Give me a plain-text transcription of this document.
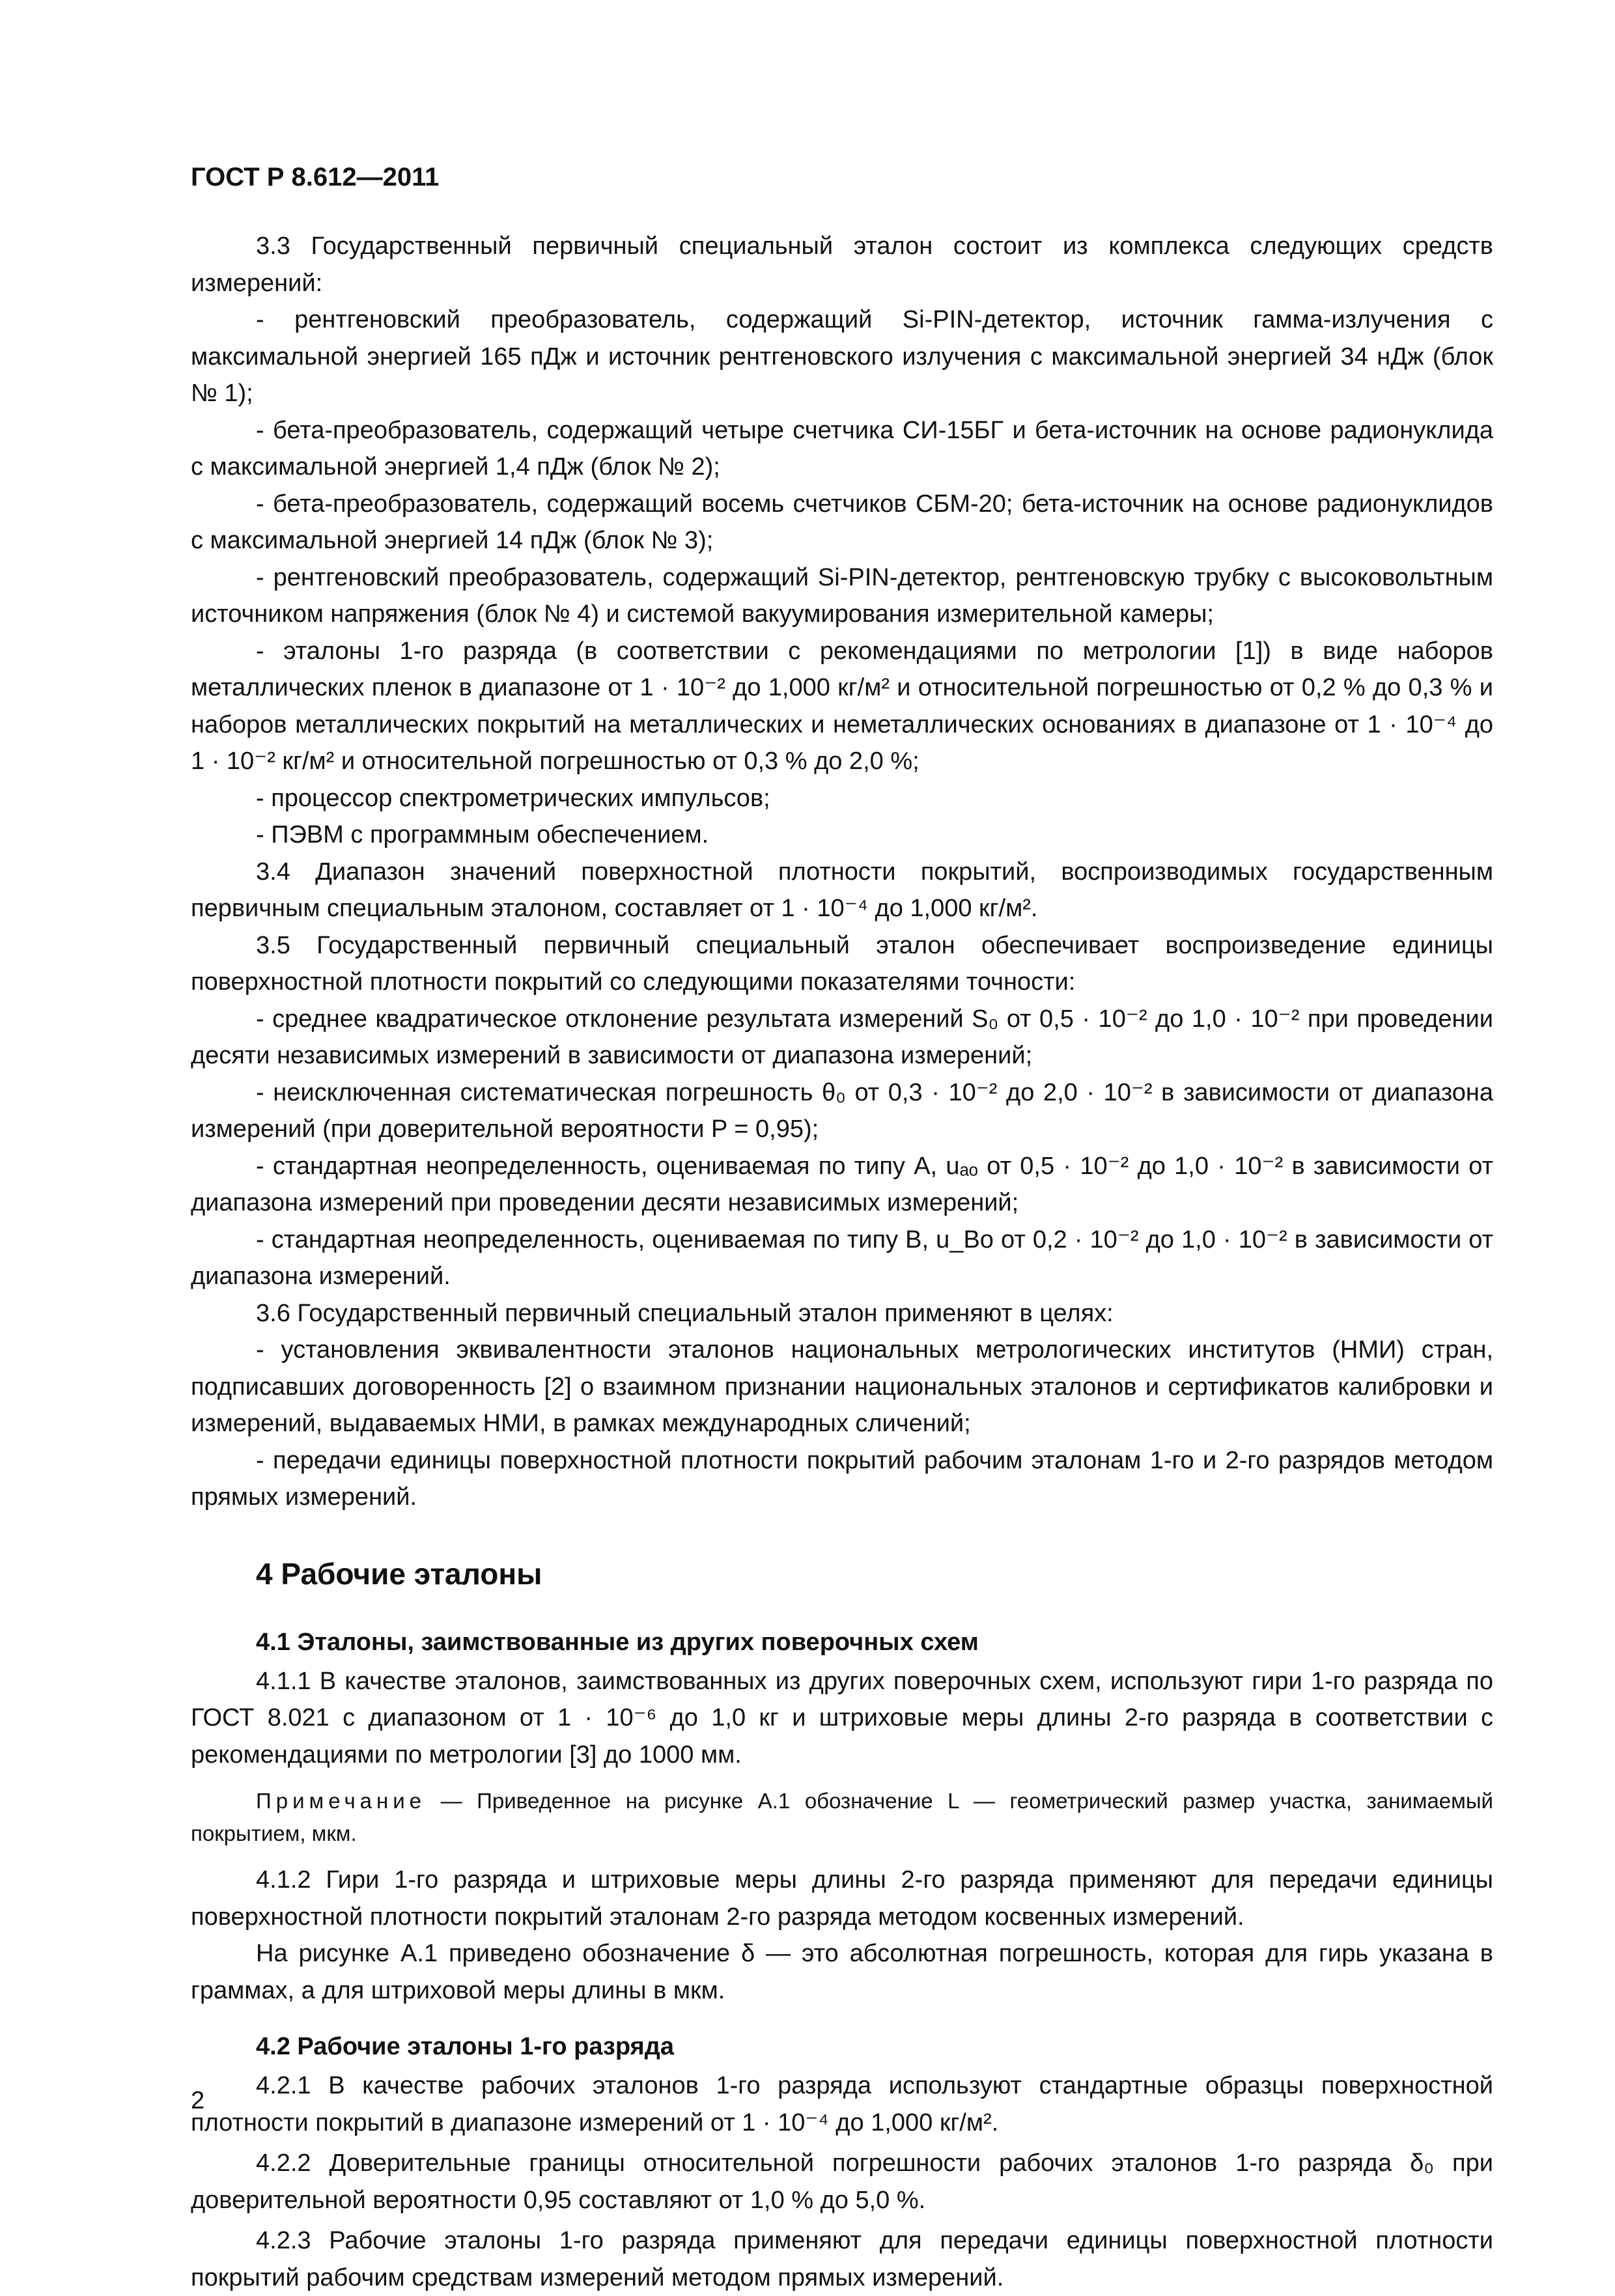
ГОСТ Р 8.612—2011

3.3 Государственный первичный специальный эталон состоит из комплекса следующих средств измерений:

- рентгеновский преобразователь, содержащий Si-PIN-детектор, источник гамма-излучения с максимальной энергией 165 пДж и источник рентгеновского излучения с максимальной энергией 34 нДж (блок № 1);

- бета-преобразователь, содержащий четыре счетчика СИ-15БГ и бета-источник на основе радионуклида с максимальной энергией 1,4 пДж (блок № 2);

- бета-преобразователь, содержащий восемь счетчиков СБМ-20; бета-источник на основе радионуклидов с максимальной энергией 14 пДж (блок № 3);

- рентгеновский преобразователь, содержащий Si-PIN-детектор, рентгеновскую трубку с высоковольтным источником напряжения (блок № 4) и системой вакуумирования измерительной камеры;

- эталоны 1-го разряда (в соответствии с рекомендациями по метрологии [1]) в виде наборов металлических пленок в диапазоне от 1 · 10⁻² до 1,000 кг/м² и относительной погрешностью от 0,2 % до 0,3 % и наборов металлических покрытий на металлических и неметаллических основаниях в диапазоне от 1 · 10⁻⁴ до 1 · 10⁻² кг/м² и относительной погрешностью от 0,3 % до 2,0 %;

- процессор спектрометрических импульсов;

- ПЭВМ с программным обеспечением.

3.4 Диапазон значений поверхностной плотности покрытий, воспроизводимых государственным первичным специальным эталоном, составляет от 1 · 10⁻⁴ до 1,000 кг/м².

3.5 Государственный первичный специальный эталон обеспечивает воспроизведение единицы поверхностной плотности покрытий со следующими показателями точности:

- среднее квадратическое отклонение результата измерений S₀ от 0,5 · 10⁻² до 1,0 · 10⁻² при проведении десяти независимых измерений в зависимости от диапазона измерений;

- неисключенная систематическая погрешность θ₀ от 0,3 · 10⁻² до 2,0 · 10⁻² в зависимости от диапазона измерений (при доверительной вероятности P = 0,95);

- стандартная неопределенность, оцениваемая по типу А, uₐₒ от 0,5 · 10⁻² до 1,0 · 10⁻² в зависимости от диапазона измерений при проведении десяти независимых измерений;

- стандартная неопределенность, оцениваемая по типу В, u_Bo от 0,2 · 10⁻² до 1,0 · 10⁻² в зависимости от диапазона измерений.

3.6 Государственный первичный специальный эталон применяют в целях:

- установления эквивалентности эталонов национальных метрологических институтов (НМИ) стран, подписавших договоренность [2] о взаимном признании национальных эталонов и сертификатов калибровки и измерений, выдаваемых НМИ, в рамках международных сличений;

- передачи единицы поверхностной плотности покрытий рабочим эталонам 1-го и 2-го разрядов методом прямых измерений.

4 Рабочие эталоны
4.1 Эталоны, заимствованные из других поверочных схем

4.1.1 В качестве эталонов, заимствованных из других поверочных схем, используют гири 1-го разряда по ГОСТ 8.021 с диапазоном от 1 · 10⁻⁶ до 1,0 кг и штриховые меры длины 2-го разряда в соответствии с рекомендациями по метрологии [3] до 1000 мм.

Примечание — Приведенное на рисунке А.1 обозначение L — геометрический размер участка, занимаемый покрытием, мкм.

4.1.2 Гири 1-го разряда и штриховые меры длины 2-го разряда применяют для передачи единицы поверхностной плотности покрытий эталонам 2-го разряда методом косвенных измерений.

На рисунке А.1 приведено обозначение δ — это абсолютная погрешность, которая для гирь указана в граммах, а для штриховой меры длины в мкм.

4.2 Рабочие эталоны 1-го разряда

4.2.1 В качестве рабочих эталонов 1-го разряда используют стандартные образцы поверхностной плотности покрытий в диапазоне измерений от 1 · 10⁻⁴ до 1,000 кг/м².

4.2.2 Доверительные границы относительной погрешности рабочих эталонов 1-го разряда δ₀ при доверительной вероятности 0,95 составляют от 1,0 % до 5,0 %.

4.2.3 Рабочие эталоны 1-го разряда применяют для передачи единицы поверхностной плотности покрытий рабочим средствам измерений методом прямых измерений.

2
